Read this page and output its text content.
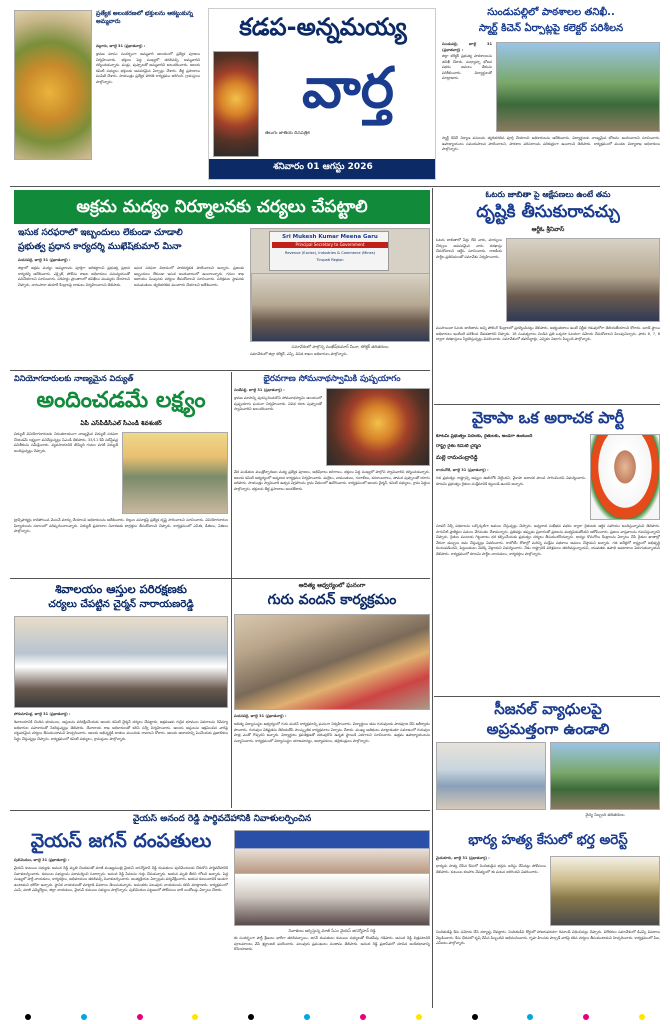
ప్రత్యేక అలంకరణలో భక్తులను ఆకట్టుకున్న అమ్మవారు
వల్లూరు, జూలై 31 (ప్రభాతవార్త) :
శ్రావణ మాసం సందర్భంగా అమ్మవారి ఆలయంలో ప్రత్యేక పూజలు నిర్వహించారు. భక్తులు పెద్ద సంఖ్యలో తరలివచ్చి అమ్మవారిని దర్శించుకున్నారు. పండ్లు, పుష్పాలతో అమ్మవారిని అలంకరించారు. ఆలయ కమిటీ సభ్యులు భక్తులకు అవసరమైన ఏర్పాట్లు చేశారు. తీర్థ ప్రసాదాలు పంపిణీ చేశారు. సాయంత్రం ప్రత్యేక హారతి కార్యక్రమం జరిగింది. గ్రామస్తులు పాల్గొన్నారు.
కడప-అన్నమయ్య
వార్త
తెలుగు జాతీయ దినపత్రిక
శనివారం 01 ఆగస్టు 2026
సుండుపల్లిలో పాఠశాలల తనిఖీ..
స్మార్ట్ కిచెన్ ఏర్పాట్లపై కలెక్టర్ పరిశీలన
సుండుపల్లి, జూలై 31 (ప్రభాతవార్త) :
జిల్లా కలెక్టర్ ప్రభుత్వ పాఠశాలలను తనిఖీ చేశారు. మధ్యాహ్న భోజన పథకం అమలు తీరును పరిశీలించారు. విద్యార్థులతో మాట్లాడారు.
స్మార్ట్ కిచెన్ నిర్మాణ పనులను త్వరితగతిన పూర్తి చేయాలని అధికారులను ఆదేశించారు. విద్యార్థులకు నాణ్యమైన భోజనం అందించాలని సూచించారు. ఉపాధ్యాయులు సమయపాలన పాటించాలని, పాఠశాల పరిసరాలను పరిశుభ్రంగా ఉంచాలని తెలిపారు. కార్యక్రమంలో మండల విద్యాశాఖ అధికారులు పాల్గొన్నారు.
అక్రమ మద్యం నిర్మూలనకు చర్యలు చేపట్టాలి
ఓటరు జాబితా పై ఆక్షేపణలు ఉంటే తమ
దృష్టికి తీసుకురావచ్చు
ఆర్డీఓ శ్రీనివాస్
ఓటరు జాబితాలో పేర్లు లేని వారు, మార్పులు చేర్పులు అవసరమైన వారు దరఖాస్తు చేసుకోవాలని ఆర్డీఓ సూచించారు. రాజకీయ పార్టీల ప్రతినిధులతో సమావేశం నిర్వహించారు.
ముసాయిదా ఓటరు జాబితాను అన్ని పోలింగ్ కేంద్రాలలో ప్రదర్శించినట్లు తెలిపారు. అభ్యంతరాలు ఉంటే నిర్ణీత గడువులోగా తెలియజేయాలని కోరారు. బూత్ స్థాయి అధికారులు ఇంటింటి పరిశీలన చేపడతారని చెప్పారు. 18 సంవత్సరాలు నిండిన ప్రతి ఒక్కరూ ఓటరుగా నమోదు చేసుకోవాలని పిలుపునిచ్చారు. ఫారం 6, 7, 8 ద్వారా దరఖాస్తులు స్వీకరిస్తున్నట్లు వివరించారు. సమావేశంలో తహసీల్దార్లు, ఎన్నికల విభాగం సిబ్బంది పాల్గొన్నారు.
ఇసుక సరఫరాలో ఇబ్బందులు లేకుండా చూడాలి
ప్రభుత్వ ప్రధాన కార్యదర్శి ముఖేష్‌కుమార్ మీనా
మదనపల్లె, జూలై 31 (ప్రభాతవార్త) :
జిల్లాలో అక్రమ మద్యం అమ్మకాలను పూర్తిగా అరికట్టాలని ప్రభుత్వ ప్రధాన కార్యదర్శి ఆదేశించారు. ఎక్సైజ్, పోలీసు శాఖల అధికారులు సమన్వయంతో పనిచేయాలని సూచించారు. సరిహద్దు ప్రాంతాలలో తనిఖీలు ముమ్మరం చేయాలని చెప్పారు. నాటుసారా తయారీ కేంద్రాలపై దాడులు నిర్వహించాలని తెలిపారు.
ఇసుక సరఫరా విధానంలో పారదర్శకత పాటించాలని అన్నారు. ప్రజలకు ఇబ్బందులు లేకుండా ఇసుక అందుబాటులో ఉంచాలన్నారు. గనుల శాఖ ఆదాయం పెంపునకు చర్యలు తీసుకోవాలని సూచించారు. పరిశ్రమల స్థాపనకు అనుమతులు త్వరితగతిన మంజూరు చేయాలని ఆదేశించారు.
Sri Mukesh Kumar Meena Garu
Principal Secretary to Government
Revenue (Excise), Industries & Commerce (Mines)
Tirupati Region
సమావేశంలో పాల్గొన్న ముఖేష్‌కుమార్ మీనా, కలెక్టర్ తదితరులు
సమావేశంలో జిల్లా కలెక్టర్, ఎస్పీ, వివిధ శాఖల అధికారులు పాల్గొన్నారు.
వినియోగదారులకు నాణ్యమైన విద్యుత్
అందించడమే లక్ష్యం
ఏపీ ఎస్‌పీడీసీఎల్ సీఎండీ శివశంకర్
విద్యుత్ వినియోగదారులకు నిరంతరాయంగా నాణ్యమైన విద్యుత్ సరఫరా చేయడమే లక్ష్యంగా పనిచేస్తున్నట్లు సీఎండీ తెలిపారు. 33/11 కేవీ సబ్‌స్టేషన్ల పనితీరును సమీక్షించారు. వ్యవసాయానికి తొమ్మిది గంటల పగటి విద్యుత్ అందిస్తున్నట్లు చెప్పారు.
ట్రాన్స్‌ఫార్మర్లు కాలిపోయిన వెంటనే మార్పు చేయాలని అధికారులను ఆదేశించారు. బిల్లుల వసూళ్లపై ప్రత్యేక దృష్టి సారించాలని సూచించారు. వినియోగదారుల ఫిర్యాదులను సకాలంలో పరిష్కరించాలన్నారు. విద్యుత్ ప్రమాదాల నివారణకు జాగ్రత్తలు తీసుకోవాలని చెప్పారు. కార్యక్రమంలో ఎస్‌ఈ, డీఈలు, ఏఈలు పాల్గొన్నారు.
భైరవగాణ సోమనాథస్వామికి పుష్పయాగం
సంబేపల్లి, జూలై 31 (ప్రభాతవార్త) :
శ్రావణ మాసాన్ని పురస్కరించుకొని సోమనాథస్వామి ఆలయంలో పుష్పయాగం ఘనంగా నిర్వహించారు. వివిధ రకాల పుష్పాలతో స్వామివారిని అలంకరించారు.
వేద పండితుల మంత్రోచ్ఛారణల మధ్య ప్రత్యేక పూజలు, అభిషేకాలు జరిగాయి. భక్తులు పెద్ద సంఖ్యలో పాల్గొని స్వామివారిని దర్శించుకున్నారు. ఆలయ కమిటీ ఆధ్వర్యంలో అన్నదాన కార్యక్రమం నిర్వహించారు. మల్లెలు, చామంతులు, గులాబీలు, కనకాంబరాలు, తామర పుష్పాలతో యాగం జరిపారు. సాయంత్రం స్వామివారి ఉత్సవ విగ్రహాలను గ్రామ వీధులలో ఊరేగించారు. కార్యక్రమంలో ఆలయ చైర్మన్, కమిటీ సభ్యులు, గ్రామ పెద్దలు పాల్గొన్నారు. భక్తులకు తీర్థ ప్రసాదాలు అందజేశారు.
వైకాపా ఒక అరాచక పార్టీ
కూటమి ప్రభుత్వం పేదలకు, రైతులకు, అండగా ఉంటుంది
రాష్ట్ర రైతు కమిటీ చైర్మన్
మల్లె రామచంద్రారెడ్డి
రాయచోటి, జూలై 31 (ప్రభాతవార్త) :
గత ప్రభుత్వం రాష్ట్రాన్ని అప్పుల ఊబిలోకి నెట్టిందని, వైకాపా అరాచక పాలన సాగించిందని విమర్శించారు. కూటమి ప్రభుత్వం రైతుల సంక్షేమానికి కట్టుబడి ఉందని అన్నారు.
సూపర్ సిక్స్ పథకాలను ఒక్కొక్కటిగా అమలు చేస్తున్నట్లు చెప్పారు. అన్నదాత సుఖీభవ పథకం ద్వారా రైతులకు ఆర్థిక సహాయం అందిస్తున్నామని తెలిపారు. సాగునీటి ప్రాజెక్టుల పనులు వేగవంతం చేశామన్నారు. ప్రతిపక్షం తప్పుడు ప్రచారంతో ప్రజలను మభ్యపెడుతోందని ఆరోపించారు. ప్రజలు వాస్తవాలను గమనిస్తున్నారని చెప్పారు. రైతుల పంటలకు గిట్టుబాటు ధర కల్పించేందుకు ప్రభుత్వం చర్యలు తీసుకుంటోందన్నారు. ధాన్యం కొనుగోలు కేంద్రాలను ఏర్పాటు చేసి రైతుల ఖాతాల్లో నేరుగా డబ్బులు జమ చేస్తున్నట్లు వివరించారు. రాబోయే రోజుల్లో మరిన్ని సంక్షేమ పథకాలు అమలు చేస్తామని అన్నారు. గత ఐదేళ్లలో రాష్ట్రంలో అభివృద్ధి కుంటుపడిందని, పెట్టుబడులు వెనక్కి వెళ్లాయని విమర్శించారు. నేడు రాష్ట్రానికి పరిశ్రమలు తరలివస్తున్నాయని, యువతకు ఉపాధి అవకాశాలు పెరుగుతున్నాయని తెలిపారు. కార్యక్రమంలో కూటమి పార్టీల నాయకులు, కార్యకర్తలు పాల్గొన్నారు.
శివాలయం ఆస్తుల పరిరక్షణకు
చర్యలు చేపట్టిన చైర్మన్ నారాయణరెడ్డి
పోరుమామిళ్ల, జూలై 31 (ప్రభాతవార్త) :
శివాలయానికి చెందిన భూములు, ఆస్తులను పరిరక్షించేందుకు ఆలయ కమిటీ చైర్మన్ చర్యలు చేపట్టారు. ఆక్రమణకు గురైన భూముల వివరాలను రెవెన్యూ అధికారుల సహకారంతో సేకరిస్తున్నట్లు తెలిపారు. దేవాదాయ శాఖ అధికారులతో కలిసి సర్వే నిర్వహించారు. ఆలయ ఆస్తులను ఆక్రమించిన వారిపై చట్టపరమైన చర్యలు తీసుకుంటామని హెచ్చరించారు. ఆలయ అభివృద్ధికి దాతలు ముందుకు రావాలని కోరారు. ఆలయ ఆదాయాన్ని పెంచేందుకు ప్రణాళికలు సిద్ధం చేస్తున్నట్లు చెప్పారు. కార్యక్రమంలో కమిటీ సభ్యులు, గ్రామస్తులు పాల్గొన్నారు.
ఆదిత్య ఆధ్వర్యంలో ఘనంగా
గురు వందన్ కార్యక్రమం
మదనపల్లె, జూలై 31 (ప్రభాతవార్త) :
ఆదిత్య విద్యాసంస్థల ఆధ్వర్యంలో గురు వందన్ కార్యక్రమాన్ని ఘనంగా నిర్వహించారు. విద్యార్థులు తమ గురువులకు పాదపూజ చేసి ఆశీర్వాదం పొందారు. గురువుల విశిష్టతను తెలియజేసే సాంస్కృతిక కార్యక్రమాలు ఏర్పాటు చేశారు. ముఖ్య అతిథులు మాట్లాడుతూ సమాజంలో గురువుల పాత్ర ఎంతో గొప్పదని అన్నారు. విద్యార్థులు క్రమశిక్షణతో చదువుకొని ఉన్నత స్థాయికి ఎదగాలని సూచించారు. ఉత్తమ ఉపాధ్యాయులను సన్మానించారు. కార్యక్రమంలో విద్యాసంస్థల యాజమాన్యం, అధ్యాపకులు, తల్లిదండ్రులు పాల్గొన్నారు.
సీజనల్ వ్యాధులపై
అప్రమత్తంగా ఉండాలి
వైద్య సిబ్బంది తదితరులు
వైయస్ అనంద రెడ్డి పార్థివదేహానికి నివాళులర్పించిన
వైయస్ జగన్ దంపతులు
పులివెందుల, జూలై 31 (ప్రభాతవార్త) :
వైయస్ కుటుంబ సభ్యుడు అనంద రెడ్డి మృతి చెందడంతో మాజీ ముఖ్యమంత్రి వైయస్ జగన్మోహన్ రెడ్డి దంపతులు పులివెందులకు చేరుకొని పార్థివదేహానికి నివాళులర్పించారు. కుటుంబ సభ్యులను పరామర్శించి ఓదార్చారు. అనంద రెడ్డి సేవలను గుర్తు చేసుకున్నారు. ఆయన మృతి తీరని లోటని అన్నారు. పెద్ద సంఖ్యలో పార్టీ నాయకులు, కార్యకర్తలు, అభిమానులు తరలివచ్చి నివాళులర్పించారు. అంత్యక్రియల ఏర్పాట్లను పర్యవేక్షించారు. ఆయన కుటుంబానికి అండగా ఉంటామని భరోసా ఇచ్చారు. స్థానిక నాయకులతో మాట్లాడి వివరాలు తెలుసుకున్నారు. అనంతరం పలువురు నాయకులను కలిసి మాట్లాడారు. కార్యక్రమంలో ఎంపీ, మాజీ ఎమ్మెల్యేలు, జిల్లా నాయకులు, వైయస్ కుటుంబ సభ్యులు పాల్గొన్నారు. పులివెందుల పట్టణంలో పోలీసులు భారీ బందోబస్తు ఏర్పాటు చేశారు.
నివాళులు అర్పిస్తున్న మాజీ సీఎం వైయస్ జగన్మోహన్ రెడ్డి
ఈ సందర్భంగా పార్టీ శ్రేణులు భారీగా తరలివచ్చాయి. జగన్ దంపతులు కుటుంబ సభ్యులతో కొంతసేపు గడిపారు. అనంద రెడ్డి చిత్రపటానికి పూలమాలలు వేసి శ్రద్ధాంజలి ఘటించారు. పలువురు ప్రముఖులు సంతాపం తెలిపారు. అనంద రెడ్డి ప్రజాసేవలో చూపిన అంకితభావాన్ని కొనియాడారు.
భార్య హత్య కేసులో భర్త అరెస్ట్
మైదుకూరు, జూలై 31 (ప్రభాతవార్త) :
భార్యను హత్య చేసిన కేసులో నిందితుడైన భర్తను అరెస్టు చేసినట్లు పోలీసులు తెలిపారు. కుటుంబ కలహాల నేపథ్యంలో ఈ ఘటన జరిగిందని వివరించారు.
నిందితుడిపై కేసు నమోదు చేసి దర్యాప్తు చేపట్టారు. నిందితుడిని కోర్టులో హాజరుపరచగా రిమాండ్ విధించినట్లు చెప్పారు. విలేకరుల సమావేశంలో డీఎస్పీ వివరాలు వెల్లడించారు. కేసు ఛేదనలో కృషి చేసిన సిబ్బందిని అభినందించారు. గృహ హింసకు పాల్పడే వారిపై కఠిన చర్యలు తీసుకుంటామని హెచ్చరించారు. కార్యక్రమంలో సీఐ, ఎస్‌ఐలు పాల్గొన్నారు.
